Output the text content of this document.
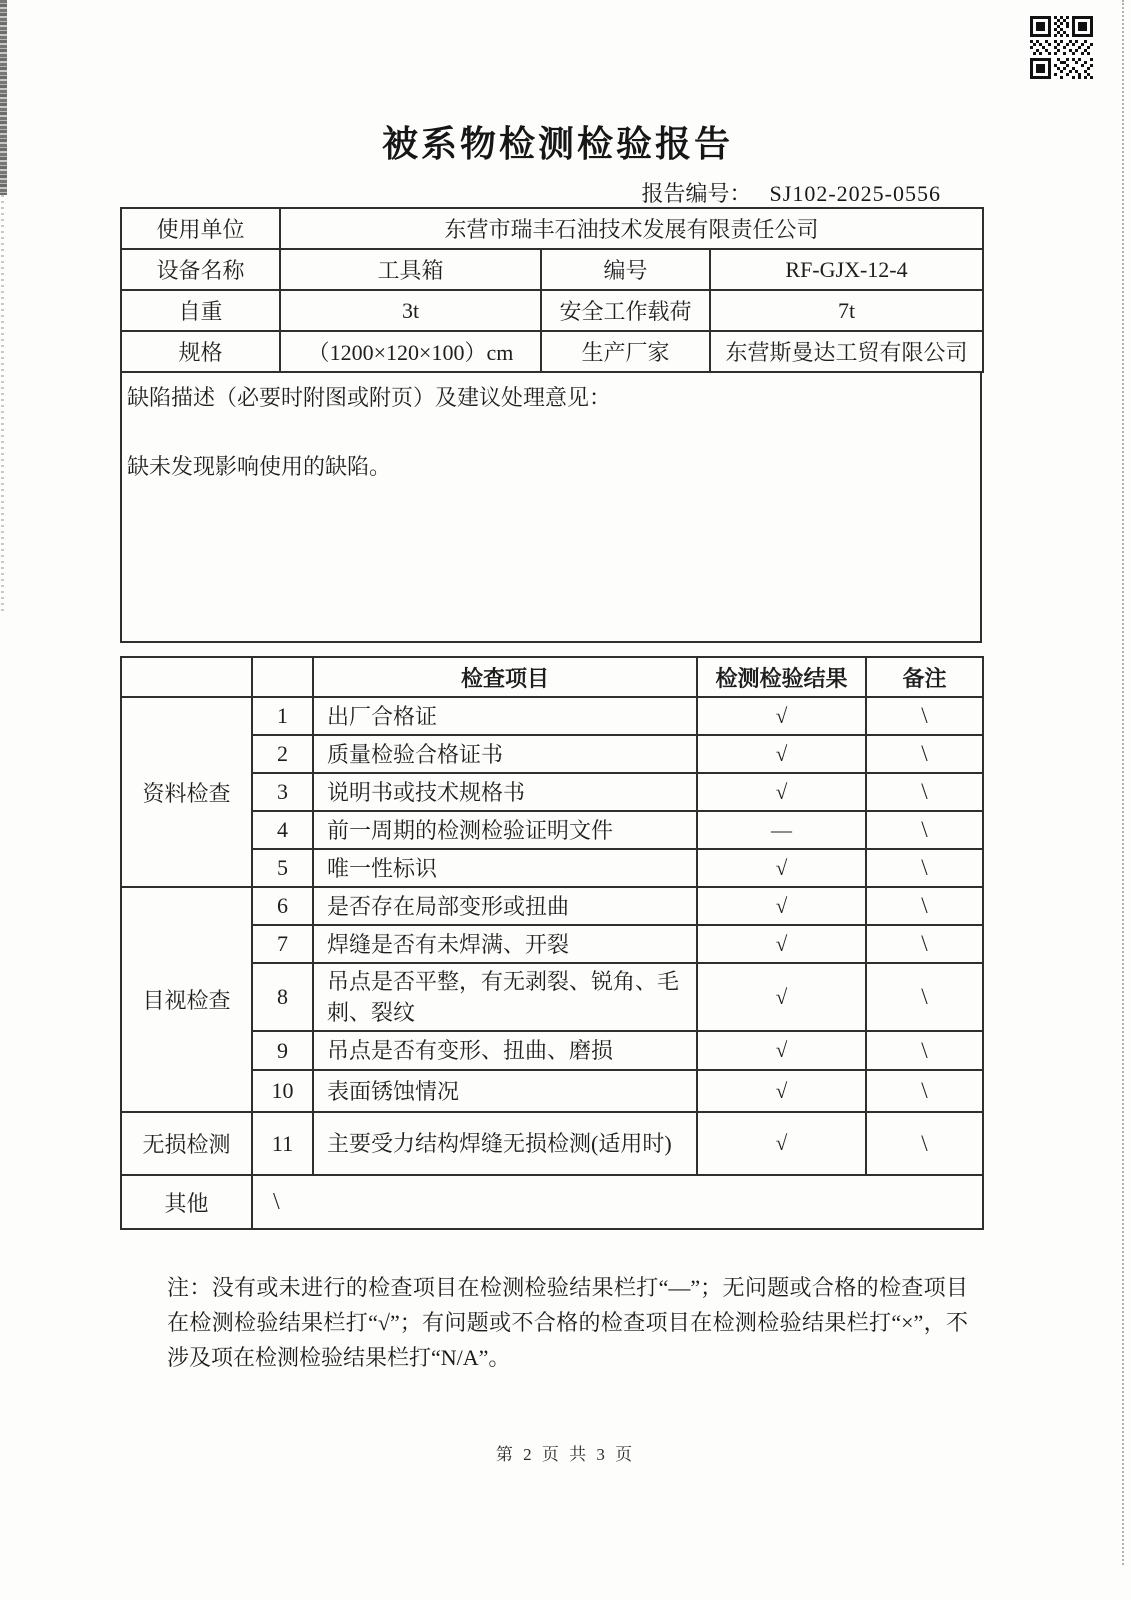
被系物检测检验报告
报告编号： SJ102-2025-0556
使用单位	东营市瑞丰石油技术发展有限责任公司		
设备名称	工具箱	编号	RF-GJX-12-4
自重	3t	安全工作载荷	7t
规格	（1200×120×100）cm	生产厂家	东营斯曼达工贸有限公司
缺陷描述（必要时附图或附页）及建议处理意见：
缺未发现影响使用的缺陷。
		检查项目	检测检验结果	备注
资料检查	1	出厂合格证	√	\
	2	质量检验合格证书	√	\
	3	说明书或技术规格书	√	\
	4	前一周期的检测检验证明文件	—	\
	5	唯一性标识	√	\
目视检查	6	是否存在局部变形或扭曲	√	\
	7	焊缝是否有未焊满、开裂	√	\
	8	吊点是否平整，有无剥裂、锐角、毛刺、裂纹	√	\
	9	吊点是否有变形、扭曲、磨损	√	\
	10	表面锈蚀情况	√	\
无损检测	11	主要受力结构焊缝无损检测(适用时)	√	\
其他	\			
注：没有或未进行的检查项目在检测检验结果栏打“—”；无问题或合格的检查项目在检测检验结果栏打“√”；有问题或不合格的检查项目在检测检验结果栏打“×”，不涉及项在检测检验结果栏打“N/A”。
第 2 页 共 3 页
